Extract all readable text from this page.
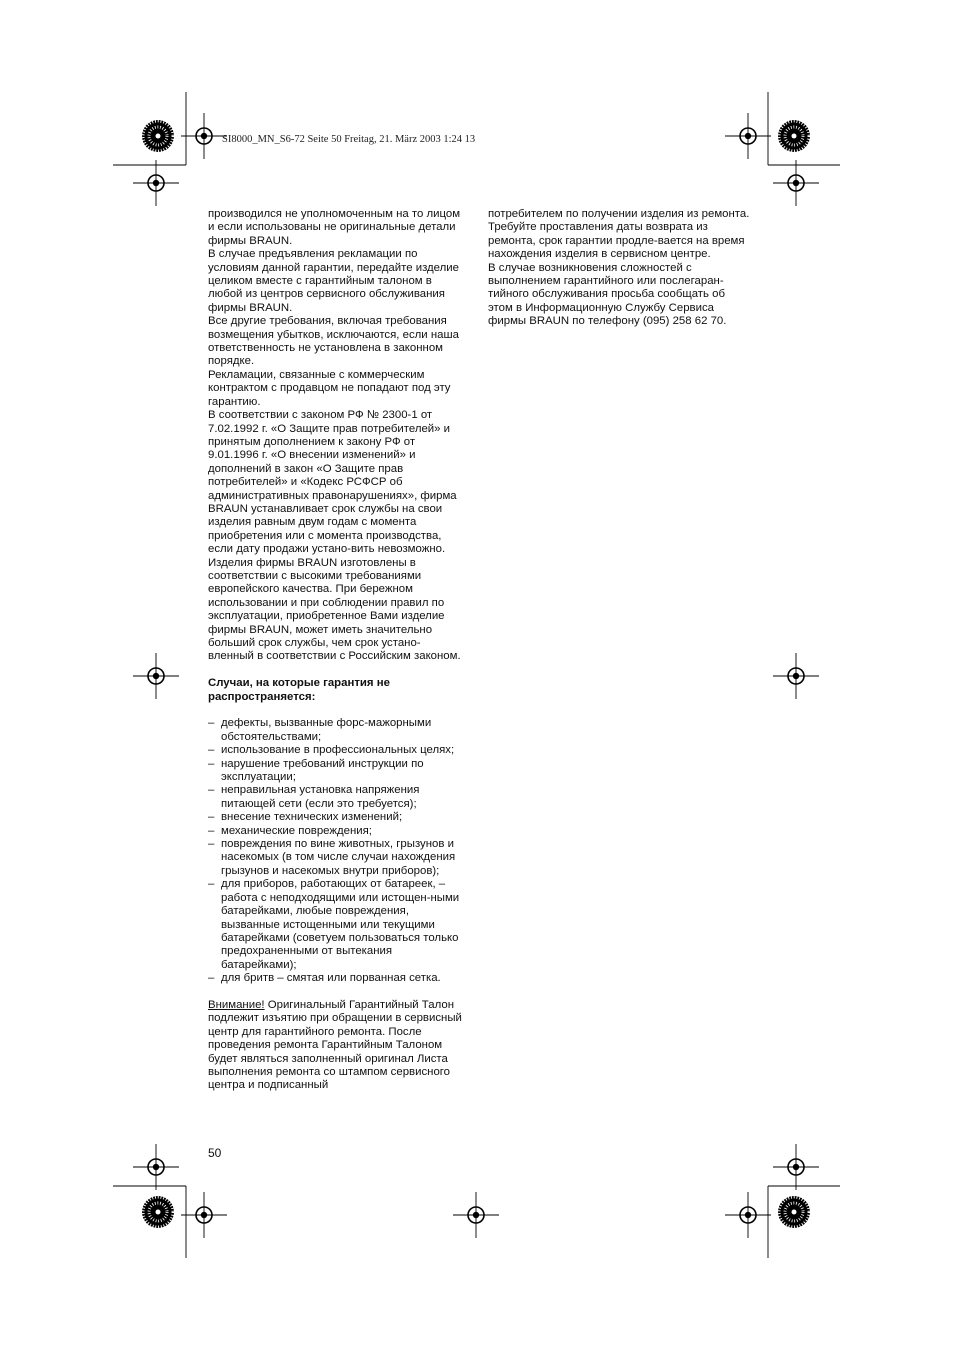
SI8000_MN_S6-72 Seite 50 Freitag, 21. März 2003 1:24 13

производился не уполномоченным на то лицом и если использованы не оригинальные детали фирмы BRAUN.

В случае предъявления рекламации по условиям данной гарантии, передайте изделие целиком вместе с гарантийным талоном в любой из центров сервисного обслуживания фирмы BRAUN.

Все другие требования, включая требования возмещения убытков, исключаются, если наша ответственность не установлена в законном порядке.

Рекламации, связанные с коммерческим контрактом с продавцом не попадают под эту гарантию.

В соответствии с законом РФ № 2300-1 от 7.02.1992 г. «О Защите прав потребителей» и принятым дополнением к закону РФ от 9.01.1996 г. «О внесении изменений» и дополнений в закон «О Защите прав потребителей» и «Кодекс РСФСР об административных правонарушениях», фирма BRAUN устанавливает срок службы на свои изделия равным двум годам с момента приобретения или с момента производства, если дату продажи устано-вить невозможно.

Изделия фирмы BRAUN изготовлены в соответствии с высокими требованиями европейского качества. При бережном использовании и при соблюдении правил по эксплуатации, приобретенное Вами изделие фирмы BRAUN, может иметь значительно больший срок службы, чем срок устано-вленный в соответствии с Российским законом.

Случаи, на которые гарантия не распространяется:

– дефекты, вызванные форс-мажорными обстоятельствами;
– использование в профессиональных целях;
– нарушение требований инструкции по эксплуатации;
– неправильная установка напряжения питающей сети (если это требуется);
– внесение технических изменений;
– механические повреждения;
– повреждения по вине животных, грызунов и насекомых (в том числе случаи нахождения грызунов и насекомых внутри приборов);
– для приборов, работающих от батареек, – работа с неподходящими или истощен-ными батарейками, любые повреждения, вызванные истощенными или текущими батарейками (советуем пользоваться только предохраненными от вытекания батарейками);
– для бритв – смятая или порванная сетка.

Внимание! Оригинальный Гарантийный Талон подлежит изъятию при обращении в сервисный центр для гарантийного ремонта. После проведения ремонта Гарантийным Талоном будет являться заполненный оригинал Листа выполнения ремонта со штампом сервисного центра и подписанный

потребителем по получении изделия из ремонта. Требуйте проставления даты возврата из ремонта, срок гарантии продле-вается на время нахождения изделия в сервисном центре.

В случае возникновения сложностей с выполнением гарантийного или послегаран-тийного обслуживания просьба сообщать об этом в Информационную Службу Сервиса фирмы BRAUN по телефону (095) 258 62 70.

50
